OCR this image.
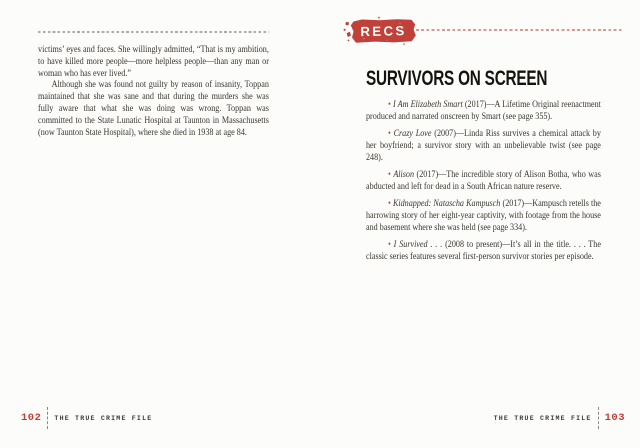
victims’ eyes and faces. She willingly admitted, “That is my ambition, to have killed more people—more helpless people—than any man or woman who has ever lived.”

Although she was found not guilty by reason of insanity, Toppan maintained that she was sane and that during the murders she was fully aware that what she was doing was wrong. Toppan was committed to the State Lunatic Hospital at Taunton in Massachusetts (now Taunton State Hospital), where she died in 1938 at age 84.

102 THE TRUE CRIME FILE
RECS
SURVIVORS ON SCREEN
• I Am Elizabeth Smart (2017)—A Lifetime Original reenactment produced and narrated onscreen by Smart (see page 355).
• Crazy Love (2007)—Linda Riss survives a chemical attack by her boyfriend; a survivor story with an unbelievable twist (see page 248).
• Alison (2017)—The incredible story of Alison Botha, who was abducted and left for dead in a South African nature reserve.
• Kidnapped: Natascha Kampusch (2017)—Kampusch retells the harrowing story of her eight-year captivity, with footage from the house and basement where she was held (see page 334).
• I Survived . . . (2008 to present)—It’s all in the title. . . . The classic series features several first-person survivor stories per episode.
THE TRUE CRIME FILE 103
